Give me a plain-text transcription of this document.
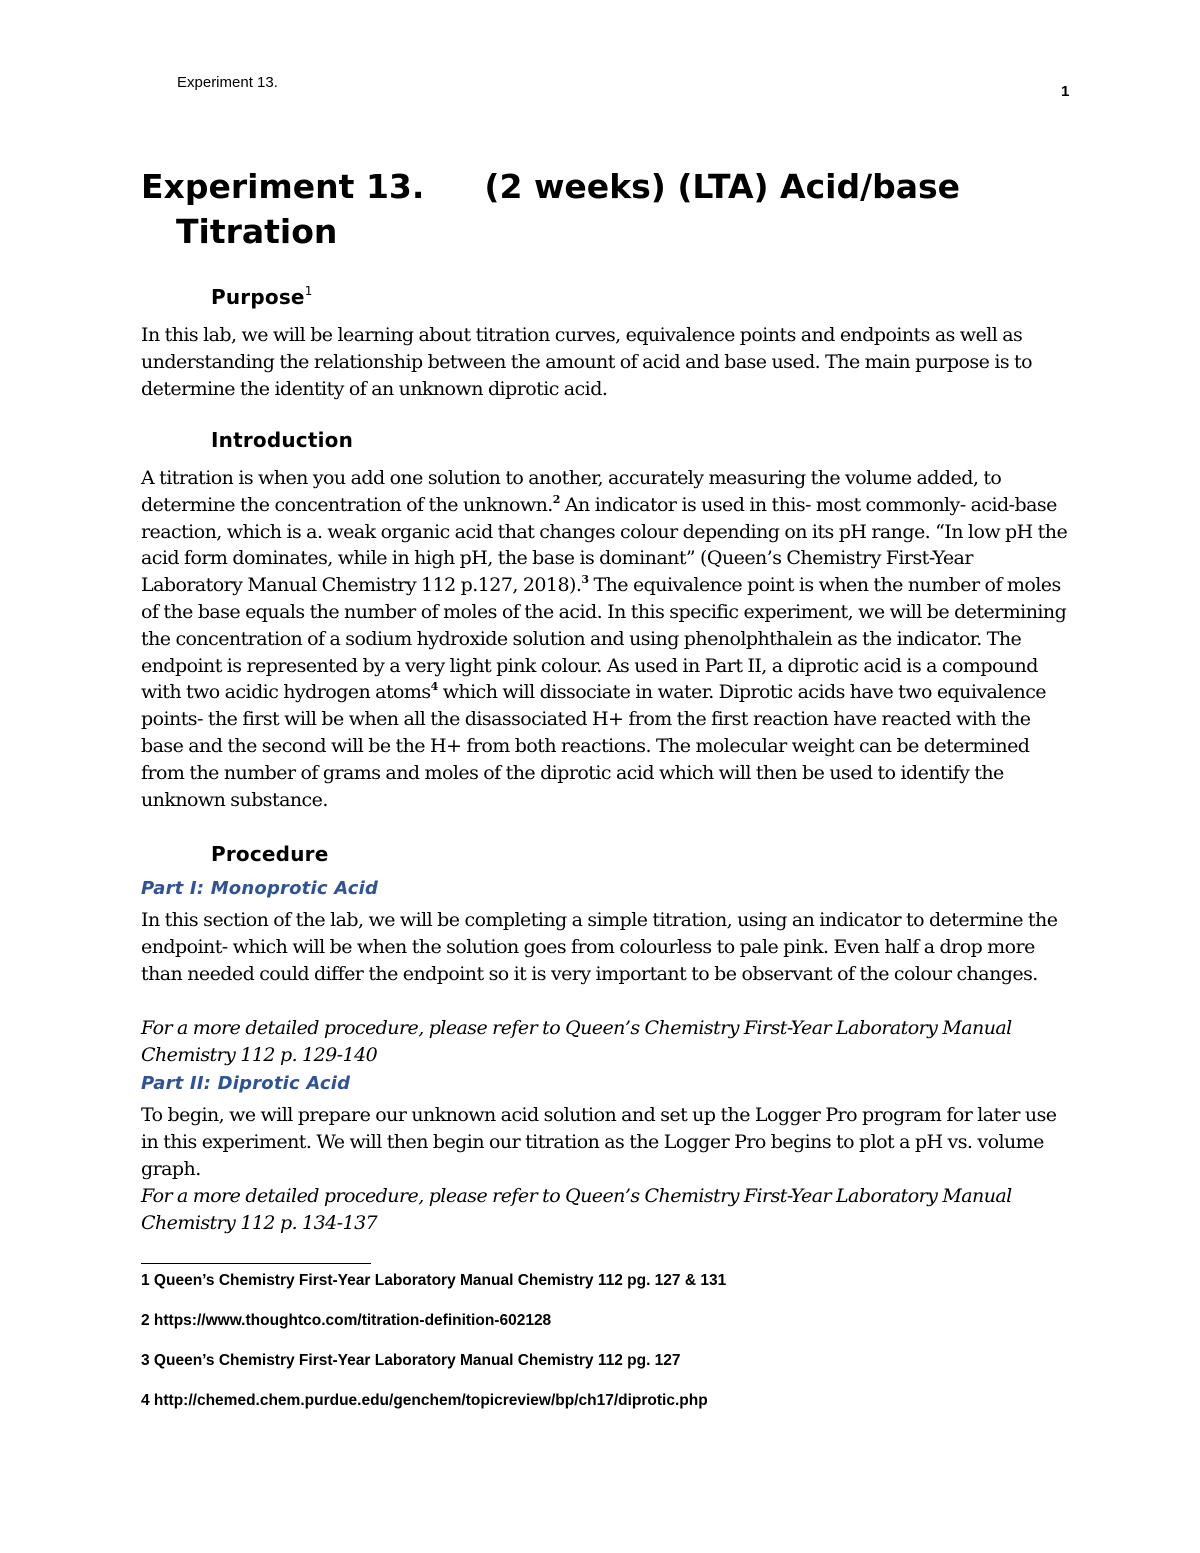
Experiment 13.
1
Experiment 13. (2 weeks) (LTA) Acid/base
Titration
Purpose$^1$

In this lab, we will be learning about titration curves, equivalence points and endpoints as well as understanding the relationship between the amount of acid and base used. The main purpose is to determine the identity of an unknown diprotic acid.

Introduction

A titration is when you add one solution to another, accurately measuring the volume added, to determine the concentration of the unknown.$^2$ An indicator is used in this- most commonly- acid-base reaction, which is a. weak organic acid that changes colour depending on its pH range. “In low pH the acid form dominates, while in high pH, the base is dominant” (Queen’s Chemistry First-Year Laboratory Manual Chemistry 112 p.127, 2018).$^3$ The equivalence point is when the number of moles of the base equals the number of moles of the acid. In this specific experiment, we will be determining the concentration of a sodium hydroxide solution and using phenolphthalein as the indicator. The endpoint is represented by a very light pink colour. As used in Part II, a diprotic acid is a compound with two acidic hydrogen atoms$^4$ which will dissociate in water. Diprotic acids have two equivalence points- the first will be when all the disassociated H+ from the first reaction have reacted with the base and the second will be the H+ from both reactions. The molecular weight can be determined from the number of grams and moles of the diprotic acid which will then be used to identify the unknown substance.

Procedure
Part I: Monoprotic Acid

In this section of the lab, we will be completing a simple titration, using an indicator to determine the endpoint- which will be when the solution goes from colourless to pale pink. Even half a drop more than needed could differ the endpoint so it is very important to be observant of the colour changes.

For a more detailed procedure, please refer to Queen’s Chemistry First-Year Laboratory Manual Chemistry 112 p. 129-140

Part II: Diprotic Acid

To begin, we will prepare our unknown acid solution and set up the Logger Pro program for later use in this experiment. We will then begin our titration as the Logger Pro begins to plot a pH vs. volume graph.

For a more detailed procedure, please refer to Queen’s Chemistry First-Year Laboratory Manual Chemistry 112 p. 134-137

1 Queen’s Chemistry First-Year Laboratory Manual Chemistry 112 pg. 127 & 131

2 https://www.thoughtco.com/titration-definition-602128

3 Queen’s Chemistry First-Year Laboratory Manual Chemistry 112 pg. 127

4 http://chemed.chem.purdue.edu/genchem/topicreview/bp/ch17/diprotic.php
